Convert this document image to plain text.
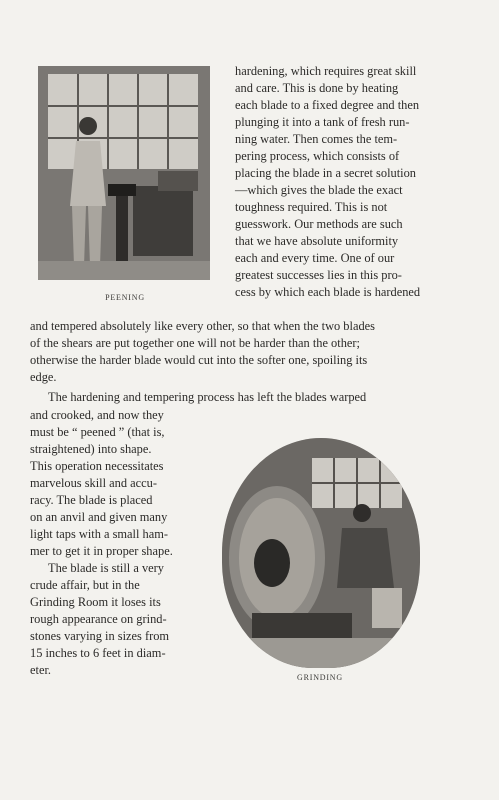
PEENING
hardening, which requires great skill
and care. This is done by heating
each blade to a fixed degree and then
plunging it into a tank of fresh run-
ning water. Then comes the tem-
pering process, which consists of
placing the blade in a secret solution
—which gives the blade the exact
toughness required. This is not
guesswork. Our methods are such
that we have absolute uniformity
each and every time. One of our
greatest successes lies in this pro-
cess by which each blade is hardened
and tempered absolutely like every other, so that when the two blades
of the shears are put together one will not be harder than the other;
otherwise the harder blade would cut into the softer one, spoiling its
edge.
The hardening and tempering process has left the blades warped
and crooked, and now they
must be “ peened ” (that is,
straightened) into shape.
This operation necessitates
marvelous skill and accu-
racy. The blade is placed
on an anvil and given many
light taps with a small ham-
mer to get it in proper shape.
The blade is still a very
crude affair, but in the
Grinding Room it loses its
rough appearance on grind-
stones varying in sizes from
15 inches to 6 feet in diam-
eter.
GRINDING
